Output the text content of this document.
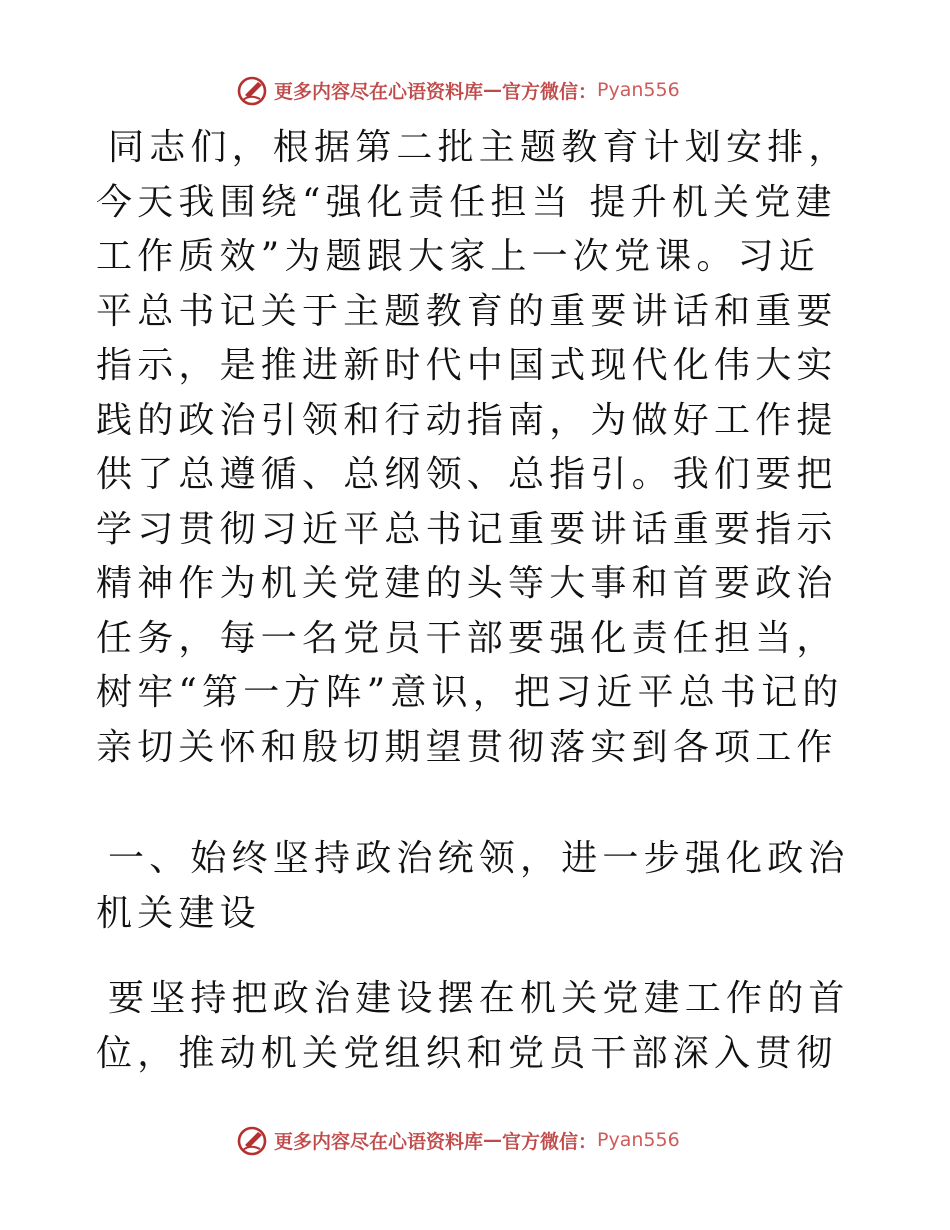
更多内容尽在心语资料库 — 官方微信： Pyan556

同志们，根据第二批主题教育计划安排，今天我围绕“强化责任担当 提升机关党建工作质效”为题跟大家上一次党课。习近平总书记关于主题教育的重要讲话和重要指示，是推进新时代中国式现代化伟大实践的政治引领和行动指南，为做好工作提供了总遵循、总纲领、总指引。我们要把学习贯彻习近平总书记重要讲话重要指示精神作为机关党建的头等大事和首要政治任务，每一名党员干部要强化责任担当，树牢“第一方阵”意识，把习近平总书记的亲切关怀和殷切期望贯彻落实到各项工作

一、始终坚持政治统领，进一步强化政治机关建设

要坚持把政治建设摆在机关党建工作的首位，推动机关党组织和党员干部深入贯彻

更多内容尽在心语资料库 — 官方微信： Pyan556
